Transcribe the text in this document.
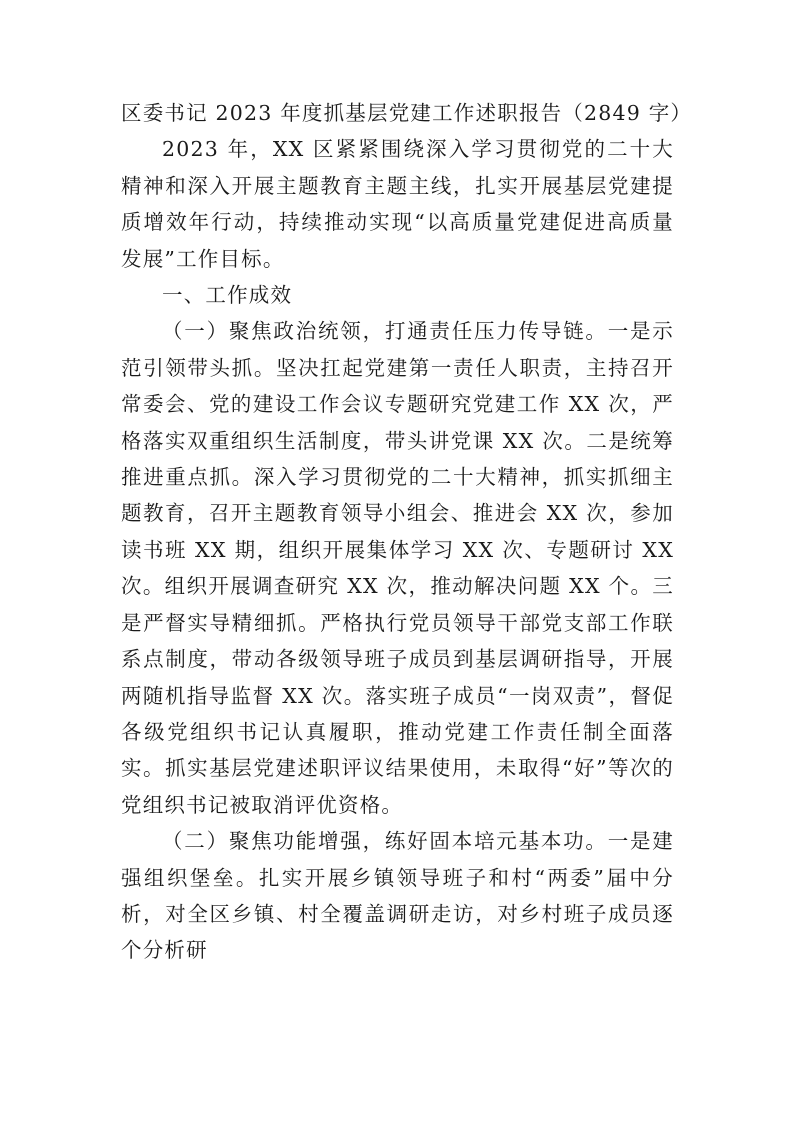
区委书记 2023 年度抓基层党建工作述职报告（2849 字）

2023 年，XX 区紧紧围绕深入学习贯彻党的二十大精神和深入开展主题教育主题主线，扎实开展基层党建提质增效年行动，持续推动实现“以高质量党建促进高质量发展”工作目标。

一、工作成效

（一）聚焦政治统领，打通责任压力传导链。一是示范引领带头抓。坚决扛起党建第一责任人职责，主持召开常委会、党的建设工作会议专题研究党建工作 XX 次，严格落实双重组织生活制度，带头讲党课 XX 次。二是统筹推进重点抓。深入学习贯彻党的二十大精神，抓实抓细主题教育，召开主题教育领导小组会、推进会 XX 次，参加读书班 XX 期，组织开展集体学习 XX 次、专题研讨 XX 次。组织开展调查研究 XX 次，推动解决问题 XX 个。三是严督实导精细抓。严格执行党员领导干部党支部工作联系点制度，带动各级领导班子成员到基层调研指导，开展两随机指导监督 XX 次。落实班子成员“一岗双责”，督促各级党组织书记认真履职，推动党建工作责任制全面落实。抓实基层党建述职评议结果使用，未取得“好”等次的党组织书记被取消评优资格。

（二）聚焦功能增强，练好固本培元基本功。一是建强组织堡垒。扎实开展乡镇领导班子和村“两委”届中分析，对全区乡镇、村全覆盖调研走访，对乡村班子成员逐个分析研
